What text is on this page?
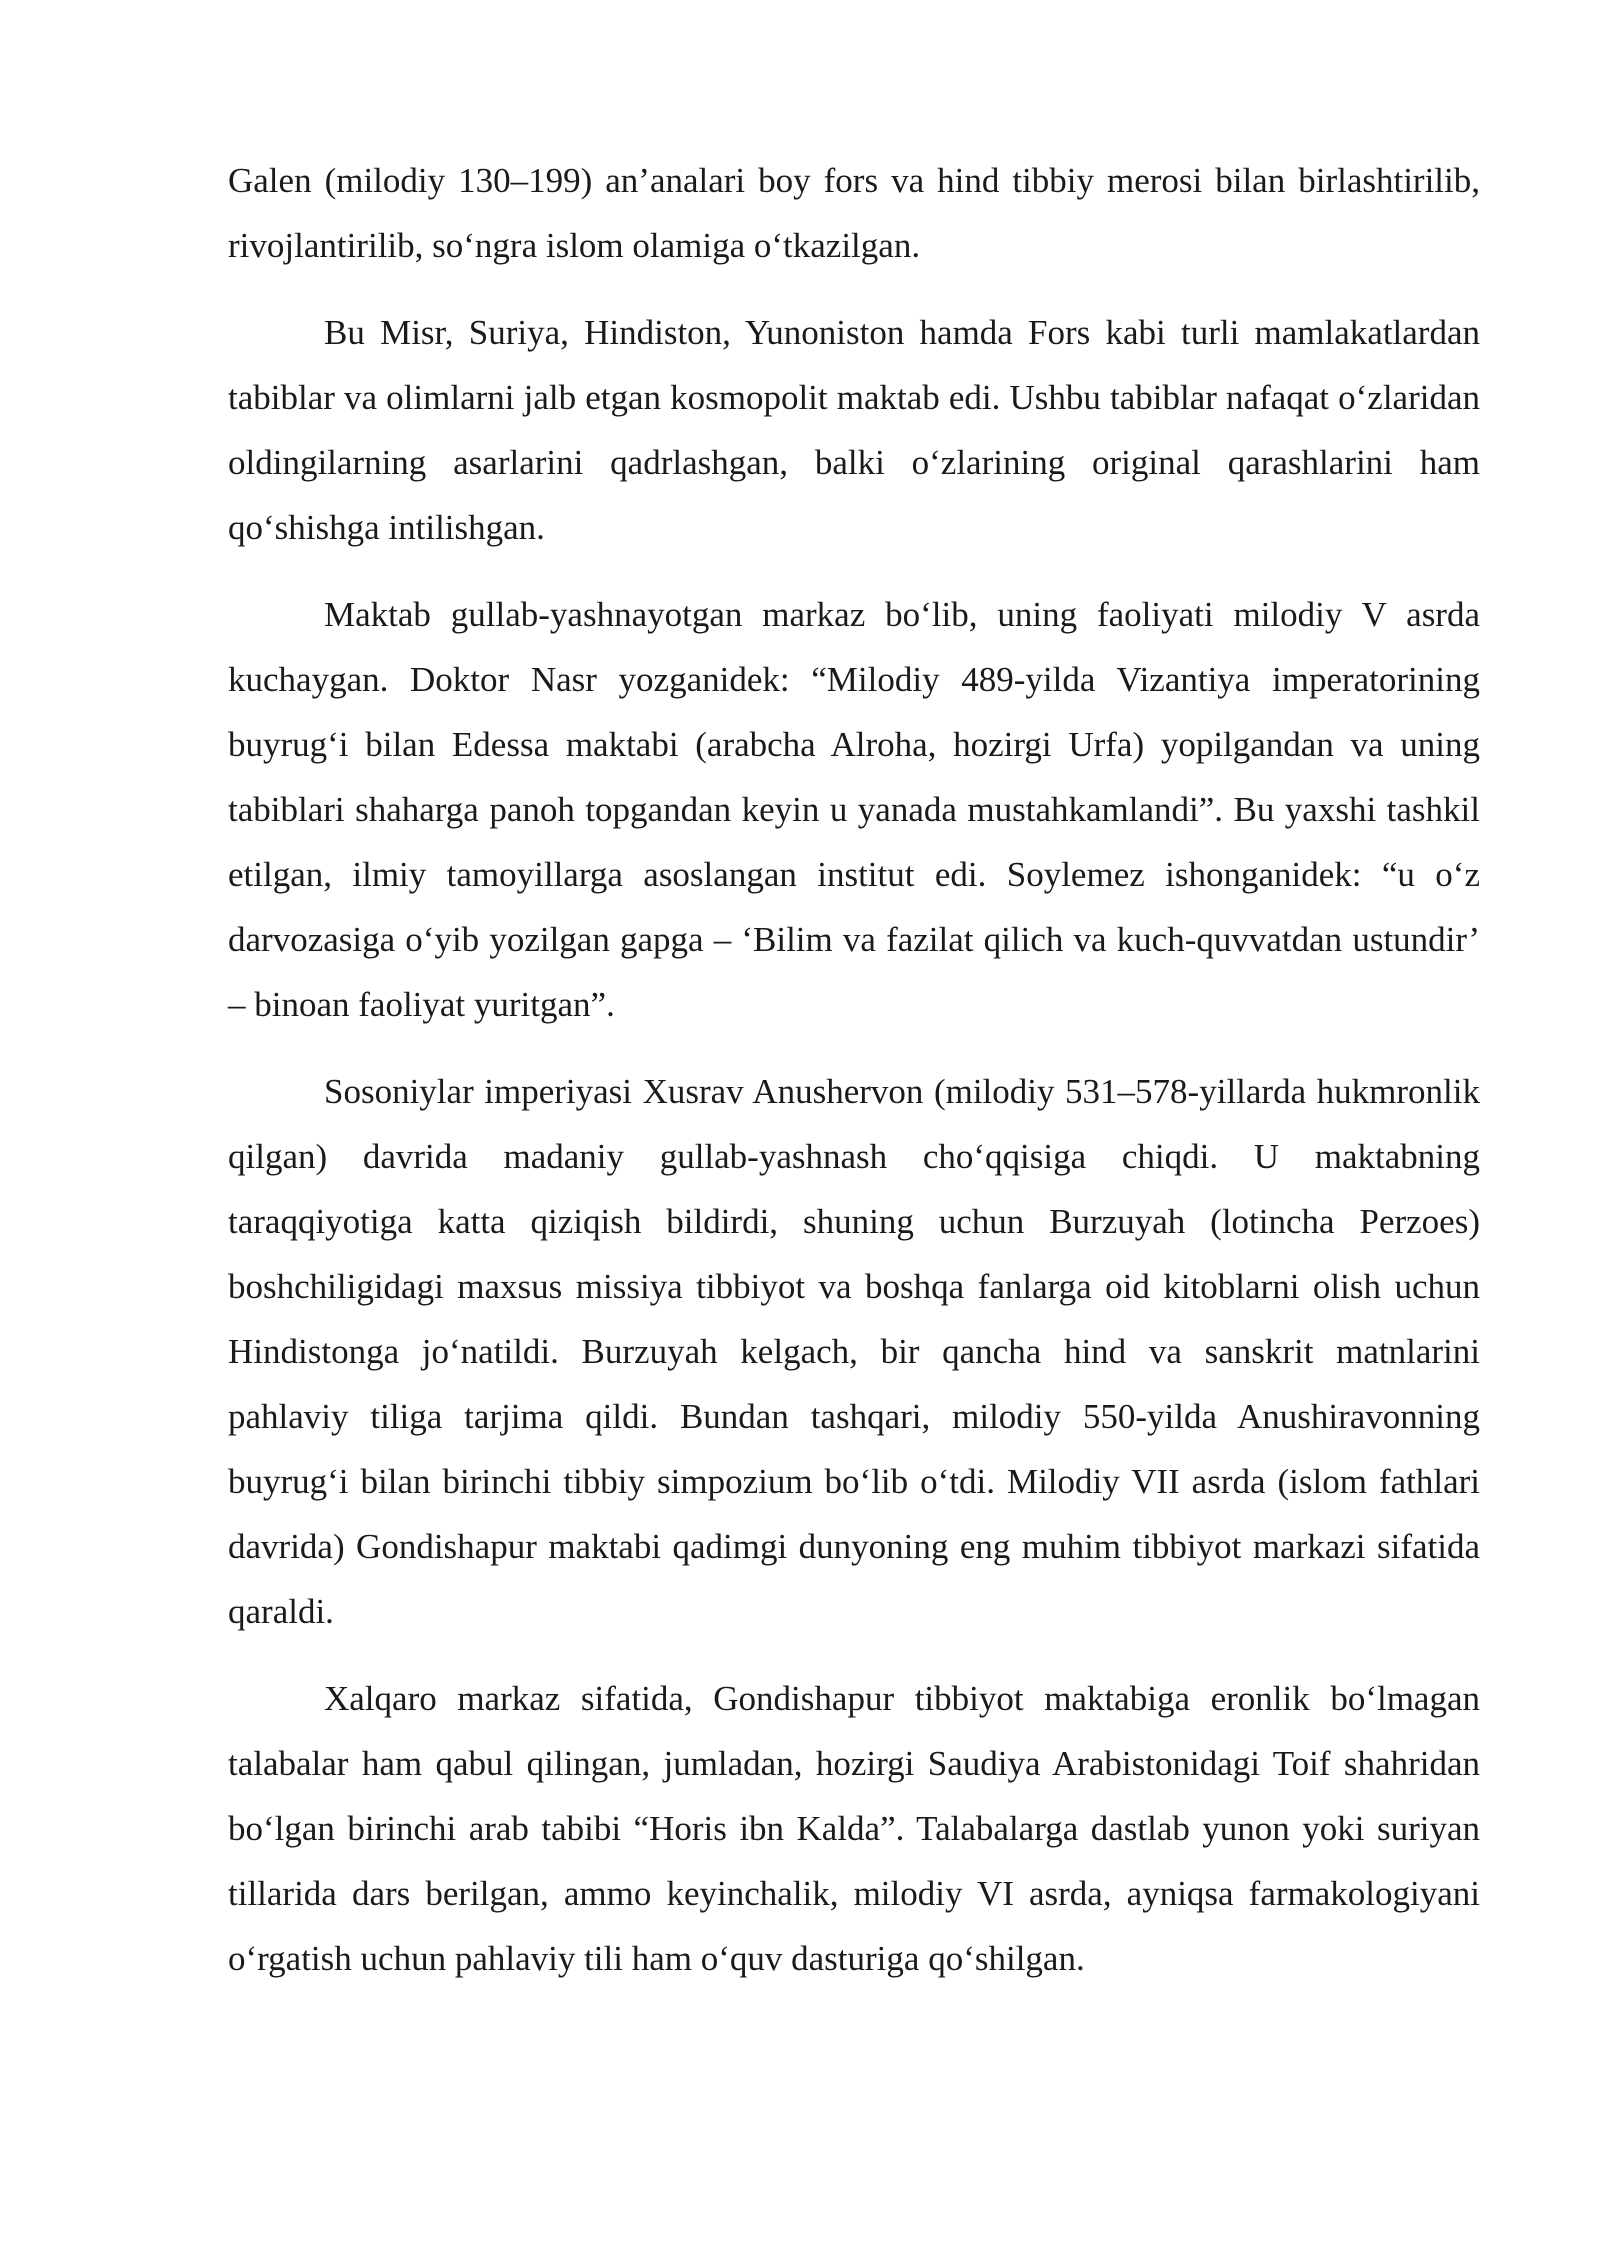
Galen (milodiy 130–199) an’analari boy fors va hind tibbiy merosi bilan birlashtirilib, rivojlantirilib, so‘ngra islom olamiga o‘tkazilgan.

Bu Misr, Suriya, Hindiston, Yunoniston hamda Fors kabi turli mamlakatlardan tabiblar va olimlarni jalb etgan kosmopolit maktab edi. Ushbu tabiblar nafaqat o‘zlaridan oldingilarning asarlarini qadrlashgan, balki o‘zlarining original qarashlarini ham qo‘shishga intilishgan.

Maktab gullab-yashnayotgan markaz bo‘lib, uning faoliyati milodiy V asrda kuchaygan. Doktor Nasr yozganidek: “Milodiy 489-yilda Vizantiya imperatorining buyrug‘i bilan Edessa maktabi (arabcha Alroha, hozirgi Urfa) yopilgandan va uning tabiblari shaharga panoh topgandan keyin u yanada mustahkamlandi”. Bu yaxshi tashkil etilgan, ilmiy tamoyillarga asoslangan institut edi. Soylemez ishonganidek: “u o‘z darvozasiga o‘yib yozilgan gapga – ‘Bilim va fazilat qilich va kuch-quvvatdan ustundir’ – binoan faoliyat yuritgan”.

Sosoniylar imperiyasi Xusrav Anushervon (milodiy 531–578-yillarda hukmronlik qilgan) davrida madaniy gullab-yashnash cho‘qqisiga chiqdi. U maktabning taraqqiyotiga katta qiziqish bildirdi, shuning uchun Burzuyah (lotincha Perzoes) boshchiligidagi maxsus missiya tibbiyot va boshqa fanlarga oid kitoblarni olish uchun Hindistonga jo‘natildi. Burzuyah kelgach, bir qancha hind va sanskrit matnlarini pahlaviy tiliga tarjima qildi. Bundan tashqari, milodiy 550-yilda Anushiravonning buyrug‘i bilan birinchi tibbiy simpozium bo‘lib o‘tdi. Milodiy VII asrda (islom fathlari davrida) Gondishapur maktabi qadimgi dunyoning eng muhim tibbiyot markazi sifatida qaraldi.

Xalqaro markaz sifatida, Gondishapur tibbiyot maktabiga eronlik bo‘lmagan talabalar ham qabul qilingan, jumladan, hozirgi Saudiya Arabistonidagi Toif shahridan bo‘lgan birinchi arab tabibi “Horis ibn Kalda”. Talabalarga dastlab yunon yoki suriyan tillarida dars berilgan, ammo keyinchalik, milodiy VI asrda, ayniqsa farmakologiyani o‘rgatish uchun pahlaviy tili ham o‘quv dasturiga qo‘shilgan.
